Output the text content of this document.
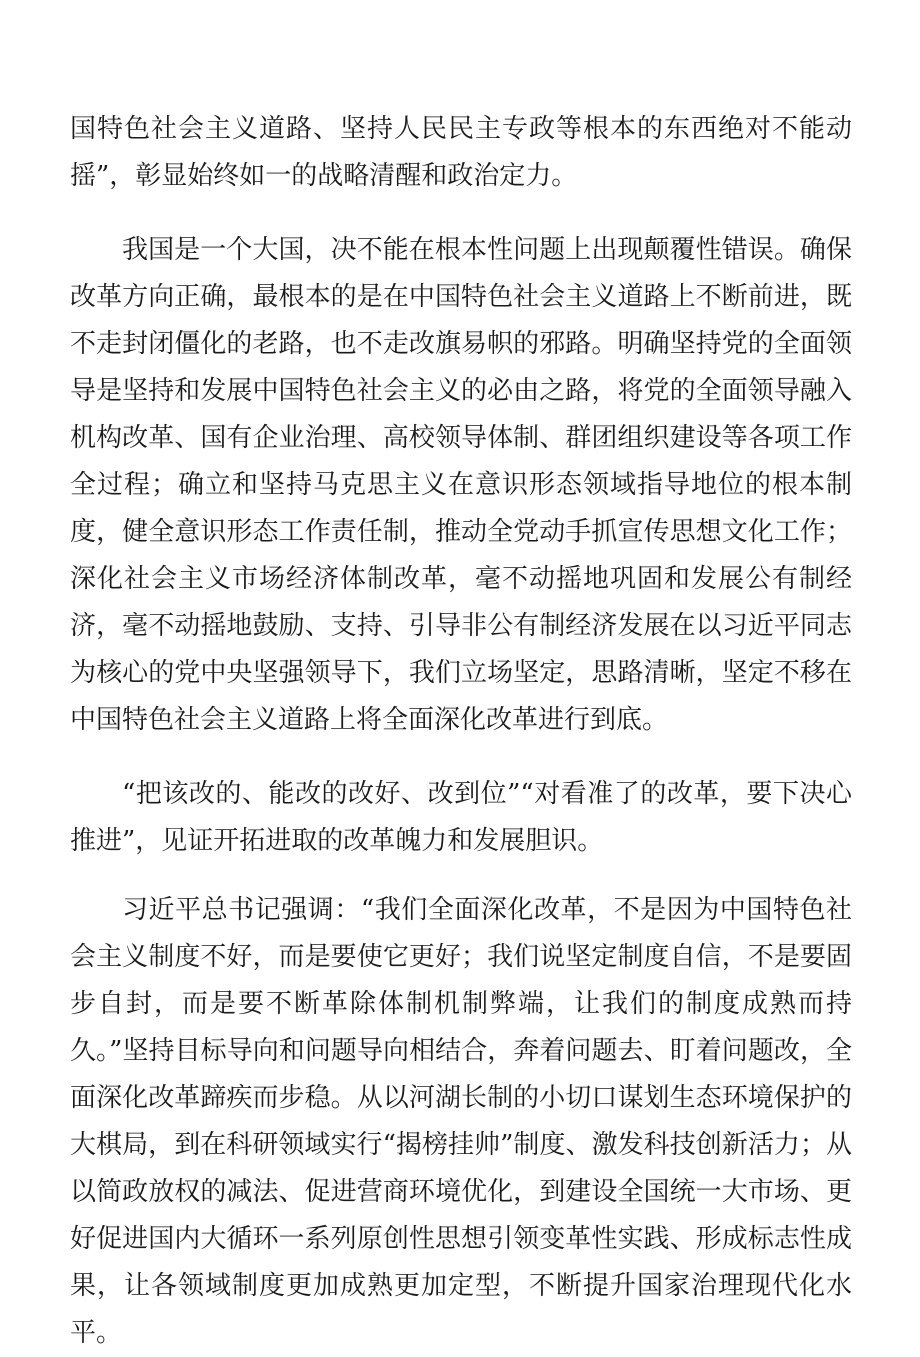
国特色社会主义道路、坚持人民民主专政等根本的东西绝对不能动摇”，彰显始终如一的战略清醒和政治定力。

我国是一个大国，决不能在根本性问题上出现颠覆性错误。确保改革方向正确，最根本的是在中国特色社会主义道路上不断前进，既不走封闭僵化的老路，也不走改旗易帜的邪路。明确坚持党的全面领导是坚持和发展中国特色社会主义的必由之路，将党的全面领导融入机构改革、国有企业治理、高校领导体制、群团组织建设等各项工作全过程；确立和坚持马克思主义在意识形态领域指导地位的根本制度，健全意识形态工作责任制，推动全党动手抓宣传思想文化工作；深化社会主义市场经济体制改革，毫不动摇地巩固和发展公有制经济，毫不动摇地鼓励、支持、引导非公有制经济发展在以习近平同志为核心的党中央坚强领导下，我们立场坚定，思路清晰，坚定不移在中国特色社会主义道路上将全面深化改革进行到底。

“把该改的、能改的改好、改到位”“对看准了的改革，要下决心推进”，见证开拓进取的改革魄力和发展胆识。

习近平总书记强调：“我们全面深化改革，不是因为中国特色社会主义制度不好，而是要使它更好；我们说坚定制度自信，不是要固步自封，而是要不断革除体制机制弊端，让我们的制度成熟而持久。”坚持目标导向和问题导向相结合，奔着问题去、盯着问题改，全面深化改革蹄疾而步稳。从以河湖长制的小切口谋划生态环境保护的大棋局，到在科研领域实行“揭榜挂帅”制度、激发科技创新活力；从以简政放权的减法、促进营商环境优化，到建设全国统一大市场、更好促进国内大循环一系列原创性思想引领变革性实践、形成标志性成果，让各领域制度更加成熟更加定型，不断提升国家治理现代化水平。
